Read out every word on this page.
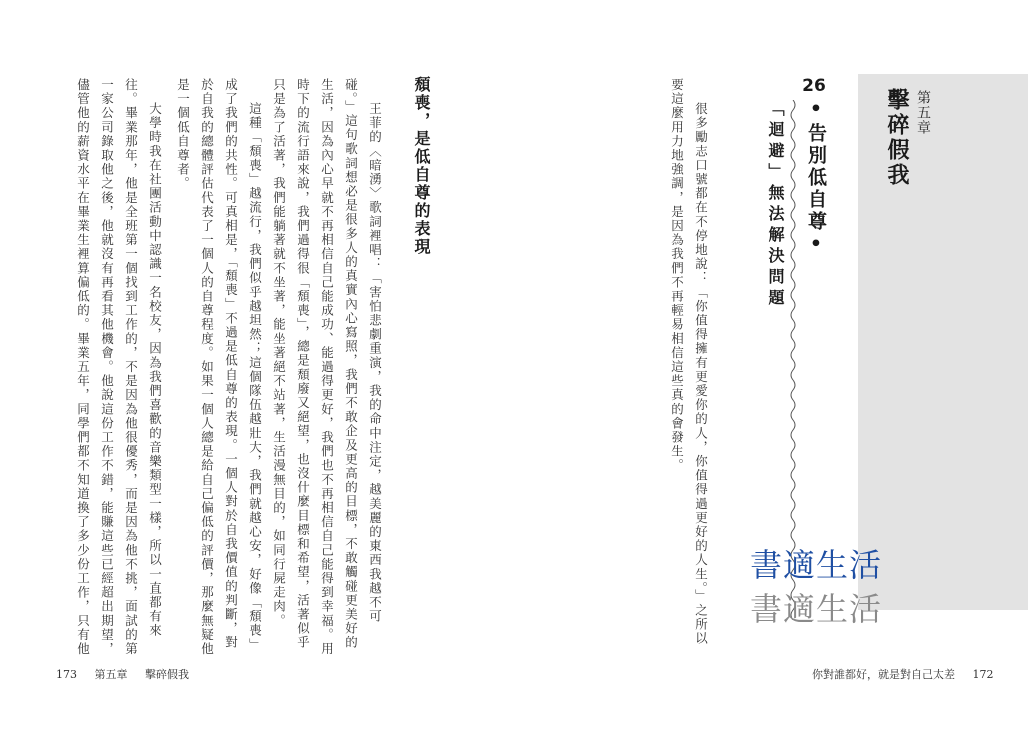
第五章
擊碎假我
26
•告別低自尊•
「迴避」無法解決問題
很多勵志口號都在不停地說：「你值得擁有更愛你的人，你值得過更好的人生。」之所以
要這麼用力地強調，是因為我們不再輕易相信這些真的會發生。
書適生活
書適生活
你對誰都好，就是對自己太差 172
頹喪，是低自尊的表現
王菲的〈暗湧〉歌詞裡唱：「害怕悲劇重演，我的命中注定，越美麗的東西我越不可
碰。」這句歌詞想必是很多人的真實內心寫照，我們不敢企及更高的目標，不敢觸碰更美好的
生活，因為內心早就不再相信自己能成功、能過得更好，我們也不再相信自己能得到幸福。用
時下的流行語來說，我們過得很「頹喪」，總是頹廢又絕望，也沒什麼目標和希望，活著似乎
只是為了活著，我們能躺著就不坐著，能坐著絕不站著，生活漫無目的，如同行屍走肉。
這種「頹喪」越流行，我們似乎越坦然；這個隊伍越壯大，我們就越心安，好像「頹喪」
成了我們的共性。可真相是，「頹喪」不過是低自尊的表現。一個人對於自我價值的判斷，對
於自我的總體評估代表了一個人的自尊程度。如果一個人總是給自己偏低的評價，那麼無疑他
是一個低自尊者。
大學時我在社團活動中認識一名校友，因為我們喜歡的音樂類型一樣，所以一直都有來
往。畢業那年，他是全班第一個找到工作的，不是因為他很優秀，而是因為他不挑，面試的第
一家公司錄取他之後，他就沒有再看其他機會。他說這份工作不錯，能賺這些已經超出期望，
儘管他的薪資水平在畢業生裡算偏低的。畢業五年，同學們都不知道換了多少份工作，只有他
173 第五章 擊碎假我
